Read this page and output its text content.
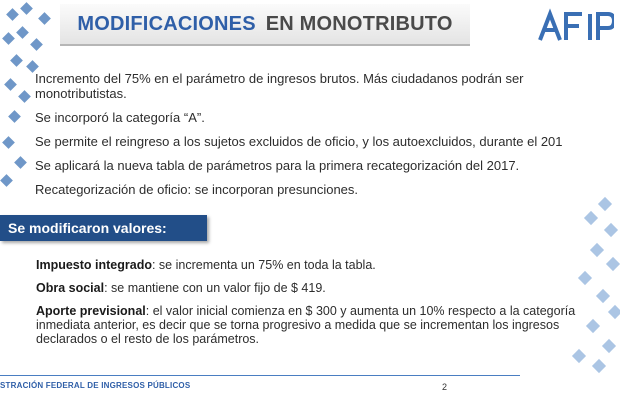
MODIFICACIONES EN MONOTRIBUTO
AFIP
Incremento del 75% en el parámetro de ingresos brutos. Más ciudadanos podrán ser monotributistas.
Se incorporó la categoría “A”.
Se permite el reingreso a los sujetos excluidos de oficio, y los autoexcluidos, durante el 201
Se aplicará la nueva tabla de parámetros para la primera recategorización del 2017.
Recategorización de oficio: se incorporan presunciones.
Se modificaron valores:
Impuesto integrado: se incrementa un 75% en toda la tabla.
Obra social: se mantiene con un valor fijo de $ 419.
Aporte previsional: el valor inicial comienza en $ 300 y aumenta un 10% respecto a la categoría inmediata anterior, es decir que se torna progresivo a medida que se incrementan los ingresos declarados o el resto de los parámetros.
STRACIÓN FEDERAL DE INGRESOS PÚBLICOS	2
